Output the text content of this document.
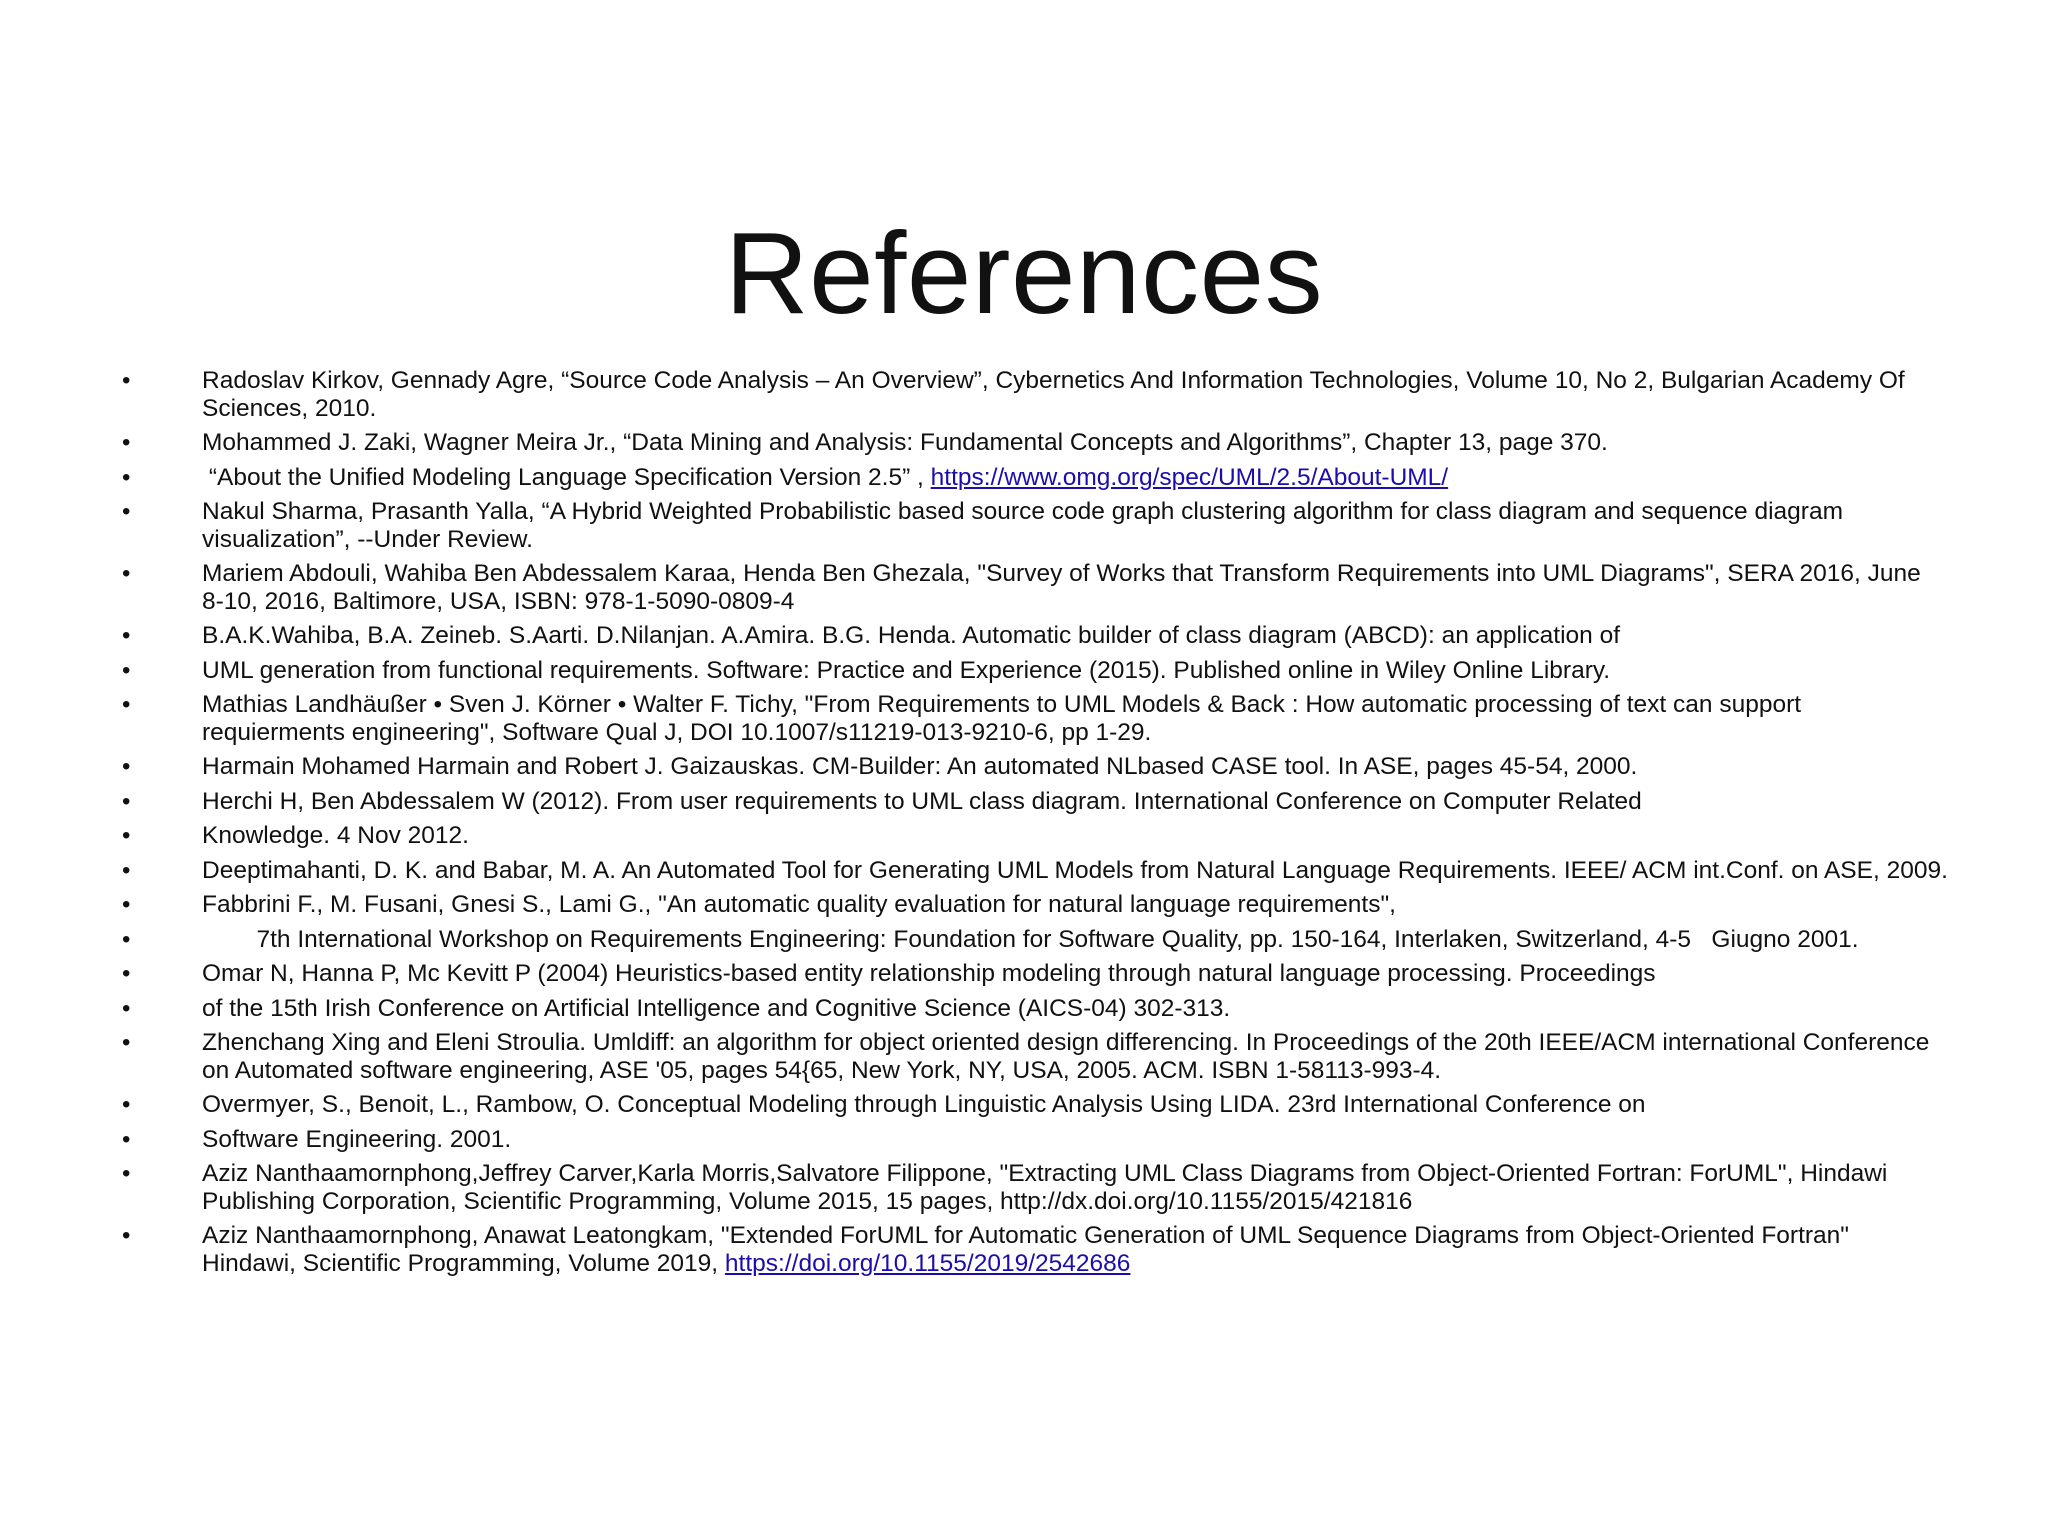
References
•	Radoslav Kirkov, Gennady Agre, “Source Code Analysis – An Overview”, Cybernetics And Information Technologies, Volume 10, No 2, Bulgarian Academy Of Sciences, 2010.
•	Mohammed J. Zaki, Wagner Meira Jr., “Data Mining and Analysis: Fundamental Concepts and Algorithms”, Chapter 13, page 370.
•	“About the Unified Modeling Language Specification Version 2.5” , https://www.omg.org/spec/UML/2.5/About-UML/
•	Nakul Sharma, Prasanth Yalla, “A Hybrid Weighted Probabilistic based source code graph clustering algorithm for class diagram and sequence diagram visualization”, --Under Review.
•	Mariem Abdouli, Wahiba Ben Abdessalem Karaa, Henda Ben Ghezala, "Survey of Works that Transform Requirements into UML Diagrams", SERA 2016, June 8-10, 2016, Baltimore, USA, ISBN: 978-1-5090-0809-4
•	B.A.K.Wahiba, B.A. Zeineb. S.Aarti. D.Nilanjan. A.Amira. B.G. Henda. Automatic builder of class diagram (ABCD): an application of
•	UML generation from functional requirements. Software: Practice and Experience (2015). Published online in Wiley Online Library.
•	Mathias Landhäußer • Sven J. Körner • Walter F. Tichy, "From Requirements to UML Models & Back : How automatic processing of text can support requierments engineering", Software Qual J, DOI 10.1007/s11219-013-9210-6, pp 1-29.
•	Harmain Mohamed Harmain and Robert J. Gaizauskas. CM-Builder: An automated NLbased CASE tool. In ASE, pages 45-54, 2000.
•	Herchi H, Ben Abdessalem W (2012). From user requirements to UML class diagram. International Conference on Computer Related
•	Knowledge. 4 Nov 2012.
•	Deeptimahanti, D. K. and Babar, M. A. An Automated Tool for Generating UML Models from Natural Language Requirements. IEEE/ ACM int.Conf. on ASE, 2009.
•	Fabbrini F., M. Fusani, Gnesi S., Lami G., "An automatic quality evaluation for natural language requirements",
•	7th International Workshop on Requirements Engineering: Foundation for Software Quality, pp. 150-164, Interlaken, Switzerland, 4-5   Giugno 2001.
•	Omar N, Hanna P, Mc Kevitt P (2004) Heuristics-based entity relationship modeling through natural language processing. Proceedings
•	of the 15th Irish Conference on Artificial Intelligence and Cognitive Science (AICS-04) 302-313.
•	Zhenchang Xing and Eleni Stroulia. Umldiff: an algorithm for object oriented design differencing. In Proceedings of the 20th IEEE/ACM international Conference on Automated software engineering, ASE '05, pages 54{65, New York, NY, USA, 2005. ACM. ISBN 1-58113-993-4.
•	Overmyer, S., Benoit, L., Rambow, O. Conceptual Modeling through Linguistic Analysis Using LIDA. 23rd International Conference on
•	Software Engineering. 2001.
•	Aziz Nanthaamornphong,Jeffrey Carver,Karla Morris,Salvatore Filippone, "Extracting UML Class Diagrams from Object-Oriented Fortran: ForUML", Hindawi Publishing Corporation, Scientific Programming, Volume 2015, 15 pages, http://dx.doi.org/10.1155/2015/421816
•	Aziz Nanthaamornphong, Anawat Leatongkam, "Extended ForUML for Automatic Generation of UML Sequence Diagrams from Object-Oriented Fortran" Hindawi, Scientific Programming, Volume 2019, https://doi.org/10.1155/2019/2542686
